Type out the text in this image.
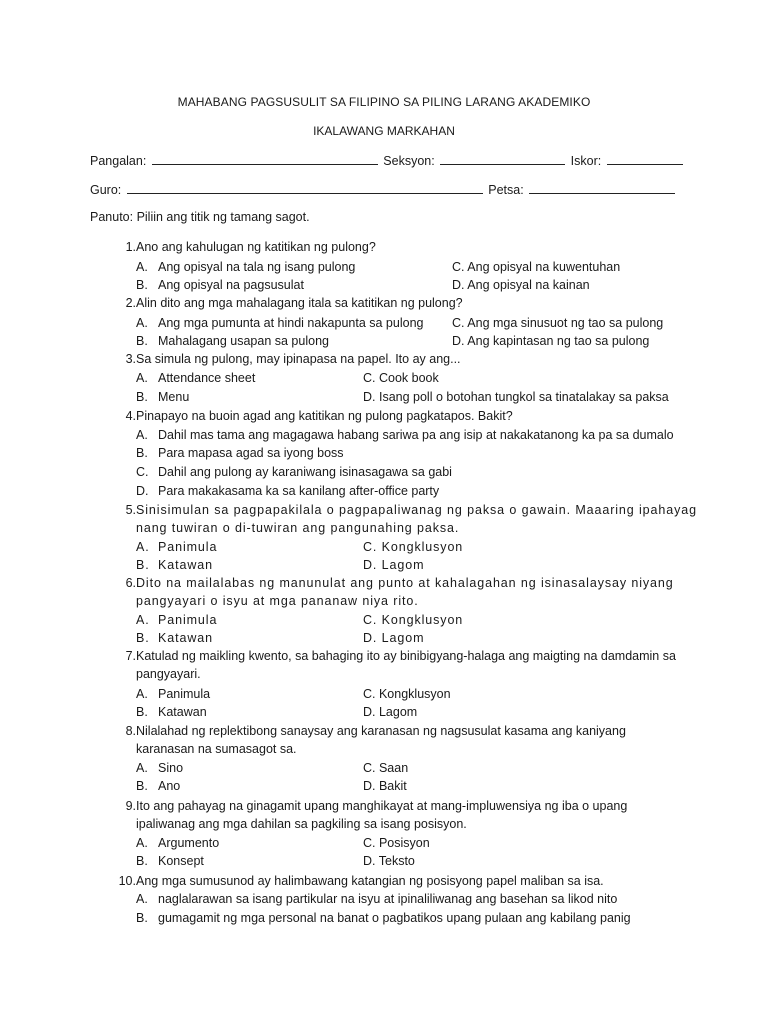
MAHABANG PAGSUSULIT SA FILIPINO SA PILING LARANG AKADEMIKO
IKALAWANG MARKAHAN
Pangalan:	Seksyon:	Iskor:
Guro:	Petsa:
Panuto: Piliin ang titik ng tamang sagot.
1. Ano ang kahulugan ng katitikan ng pulong?
A. Ang opisyal na tala ng isang pulong
B. Ang opisyal na pagsusulat
C. Ang opisyal na kuwentuhan
D. Ang opisyal na kainan
2. Alin dito ang mga mahalagang itala sa katitikan ng pulong?
A. Ang mga pumunta at hindi nakapunta sa pulong
B. Mahalagang usapan sa pulong
C. Ang mga sinusuot ng tao sa pulong
D. Ang kapintasan ng tao sa pulong
3. Sa simula ng pulong, may ipinapasa na papel. Ito ay ang...
A. Attendance sheet
B. Menu
C. Cook book
D. Isang poll o botohan tungkol sa tinatalakay sa paksa
4. Pinapayo na buoin agad ang katitikan ng pulong pagkatapos. Bakit?
A. Dahil mas tama ang magagawa habang sariwa pa ang isip at nakakatanong ka pa sa dumalo
B. Para mapasa agad sa iyong boss
C. Dahil ang pulong ay karaniwang isinasagawa sa gabi
D. Para makakasama ka sa kanilang after-office party
5. Sinisimulan sa pagpapakilala o pagpapaliwanag ng paksa o gawain. Maaaring ipahayag
nang tuwiran o di-tuwiran ang pangunahing paksa.
A. Panimula
B. Katawan
C. Kongklusyon
D. Lagom
6. Dito na mailalabas ng manunulat ang punto at kahalagahan ng isinasalaysay niyang
pangyayari o isyu at mga pananaw niya rito.
A. Panimula
B. Katawan
C. Kongklusyon
D. Lagom
7. Katulad ng maikling kwento, sa bahaging ito ay binibigyang-halaga ang maigting na damdamin sa
pangyayari.
A. Panimula
B. Katawan
C. Kongklusyon
D. Lagom
8. Nilalahad ng replektibong sanaysay ang karanasan ng nagsusulat kasama ang kaniyang
karanasan na sumasagot sa.
A. Sino
B. Ano
C. Saan
D. Bakit
9. Ito ang pahayag na ginagamit upang manghikayat at mang-impluwensiya ng iba o upang
ipaliwanag ang mga dahilan sa pagkiling sa isang posisyon.
A. Argumento
B. Konsept
C. Posisyon
D. Teksto
10. Ang mga sumusunod ay halimbawang katangian ng posisyong papel maliban sa isa.
A. naglalarawan sa isang partikular na isyu at ipinaliliwanag ang basehan sa likod nito
B. gumagamit ng mga personal na banat o pagbatikos upang pulaan ang kabilang panig
